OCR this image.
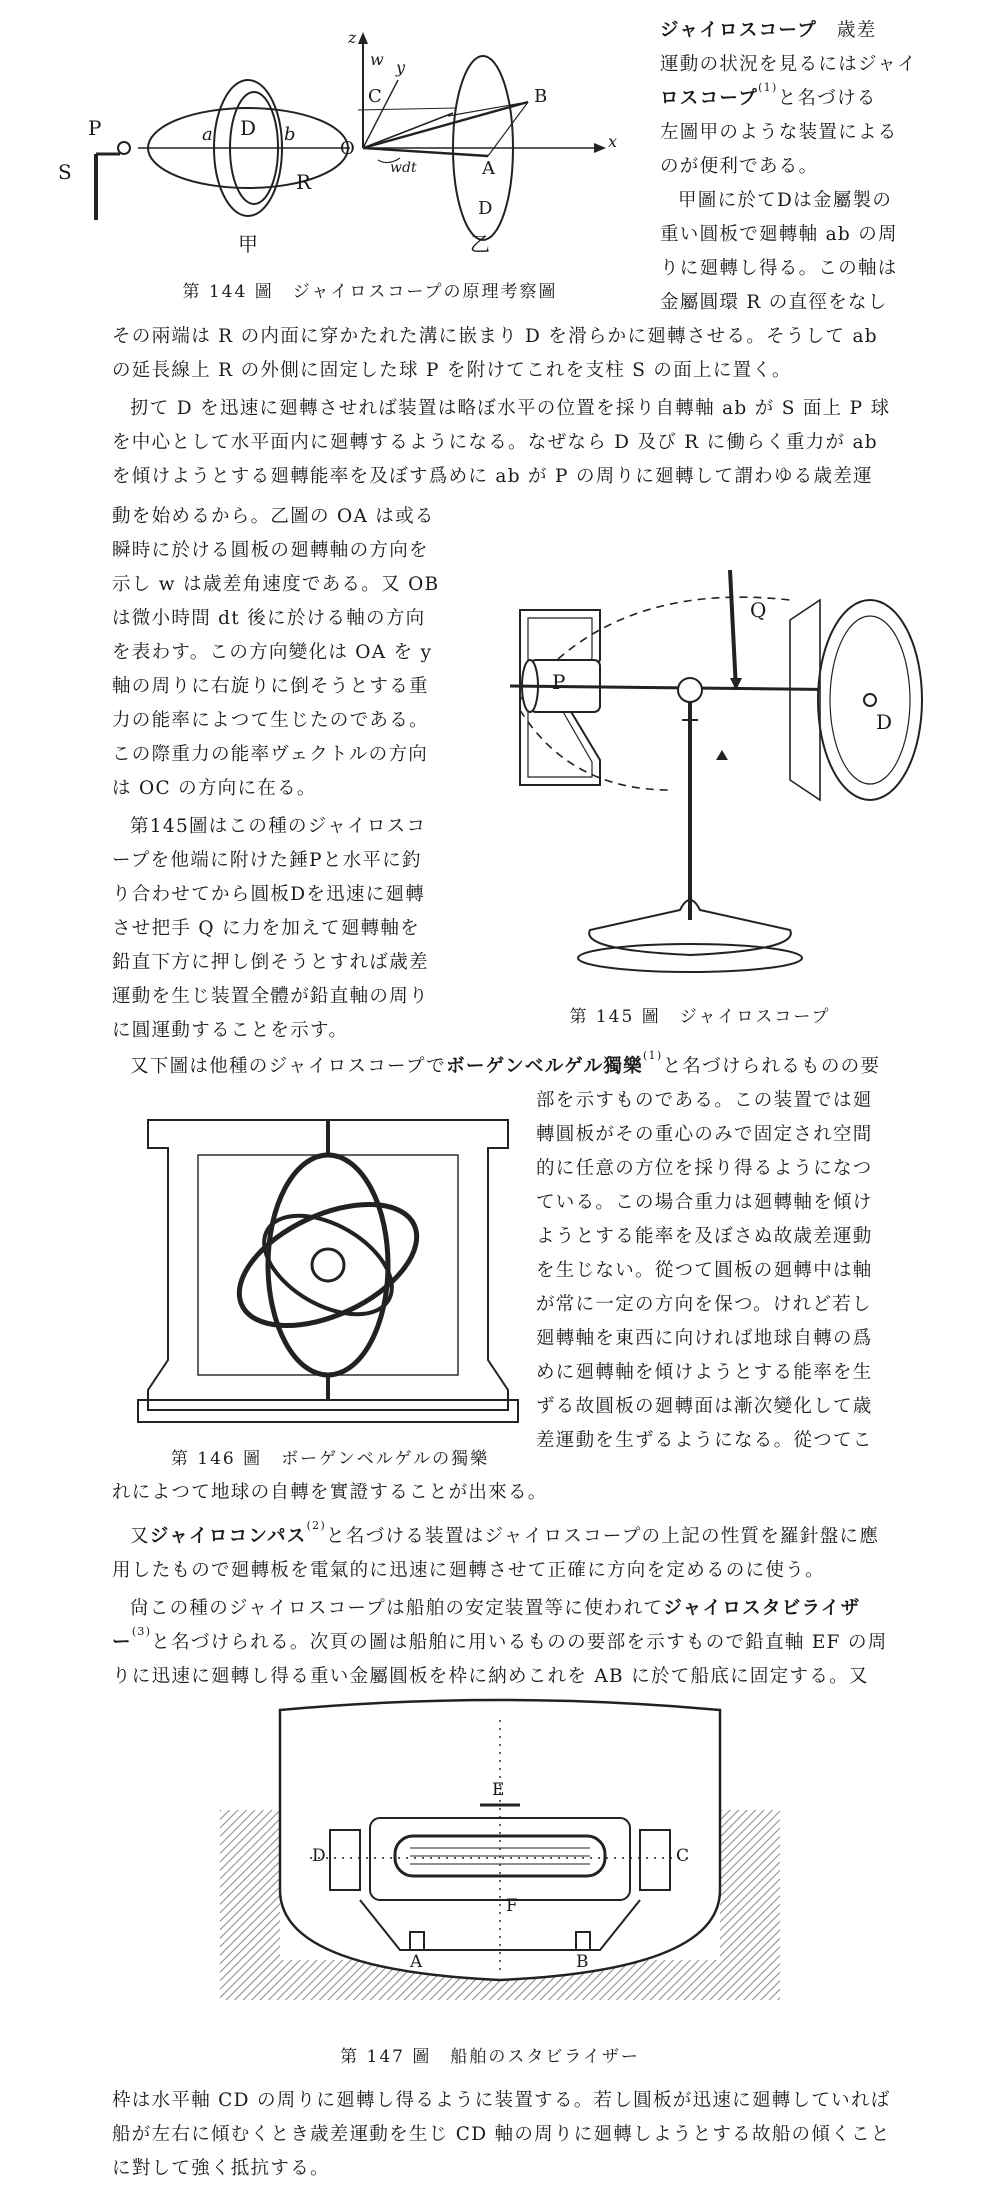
P
S
a D b
R
甲
z
w y
C	B
O
A
x
wdt
D
乙
第 144 圖　ジャイロスコープの原理考察圖
ジャイロスコープ　 歳差
運動の状況を見るにはジャイ
ロスコープ$^{(1)}$と名づける
左圖甲のような装置による
のが便利である。
甲圖に於てDは金屬製の
重い圓板で廻轉軸 ab の周
りに廻轉し得る。この軸は
金屬圓環 R の直徑をなし
その兩端は R の内面に穿かたれた溝に嵌まり D を滑らかに廻轉させる。そうして ab
の延長線上 R の外側に固定した球 P を附けてこれを支柱 S の面上に置く。
扨て D を迅速に廻轉させれば装置は略ぼ水平の位置を採り自轉軸 ab が S 面上 P 球
を中心として水平面内に廻轉するようになる。なぜなら D 及び R に働らく重力が ab
を傾けようとする廻轉能率を及ぼす爲めに ab が P の周りに廻轉して謂わゆる歳差運
動を始めるから。乙圖の OA は或る
瞬時に於ける圓板の廻轉軸の方向を
示し w は歳差角速度である。又 OB
は微小時間 dt 後に於ける軸の方向
を表わす。この方向變化は OA を y
軸の周りに右旋りに倒そうとする重
力の能率によつて生じたのである。
この際重力の能率ヴェクトルの方向
は OC の方向に在る。
第145圖はこの種のジャイロスコ
ープを他端に附けた錘Pと水平に釣
り合わせてから圓板Dを迅速に廻轉
させ把手 Q に力を加えて廻轉軸を
鉛直下方に押し倒そうとすれば歳差
運動を生じ装置全體が鉛直軸の周り
に圓運動することを示す。
Q
P
D
第 145 圖　ジャイロスコープ
又下圖は他種のジャイロスコープでボーゲンベルゲル獨樂$^{(1)}$と名づけられるものの要
部を示すものである。この装置では廻
轉圓板がその重心のみで固定され空間
的に任意の方位を採り得るようになつ
ている。この場合重力は廻轉軸を傾け
ようとする能率を及ぼさぬ故歳差運動
を生じない。從つて圓板の廻轉中は軸
が常に一定の方向を保つ。けれど若し
廻轉軸を東西に向ければ地球自轉の爲
めに廻轉軸を傾けようとする能率を生
ずる故圓板の廻轉面は漸次變化して歳
差運動を生ずるようになる。從つてこ
第 146 圖　ボーゲンベルゲルの獨樂
れによつて地球の自轉を實證することが出來る。
又ジャイロコンパス$^{(2)}$と名づける装置はジャイロスコープの上記の性質を羅針盤に應
用したもので廻轉板を電氣的に迅速に廻轉させて正確に方向を定めるのに使う。
尙この種のジャイロスコープは船舶の安定装置等に使われてジャイロスタビライザ
ー$^{(3)}$と名づけられる。次頁の圖は船舶に用いるものの要部を示すもので鉛直軸 EF の周
りに迅速に廻轉し得る重い金屬圓板を枠に納めこれを AB に於て船底に固定する。又
E
D	C
F
A	B
第 147 圖　船舶のスタビライザー
枠は水平軸 CD の周りに廻轉し得るように装置する。若し圓板が迅速に廻轉していれば
船が左右に傾むくとき歳差運動を生じ CD 軸の周りに廻轉しようとする故船の傾くこと
に對して強く抵抗する。
